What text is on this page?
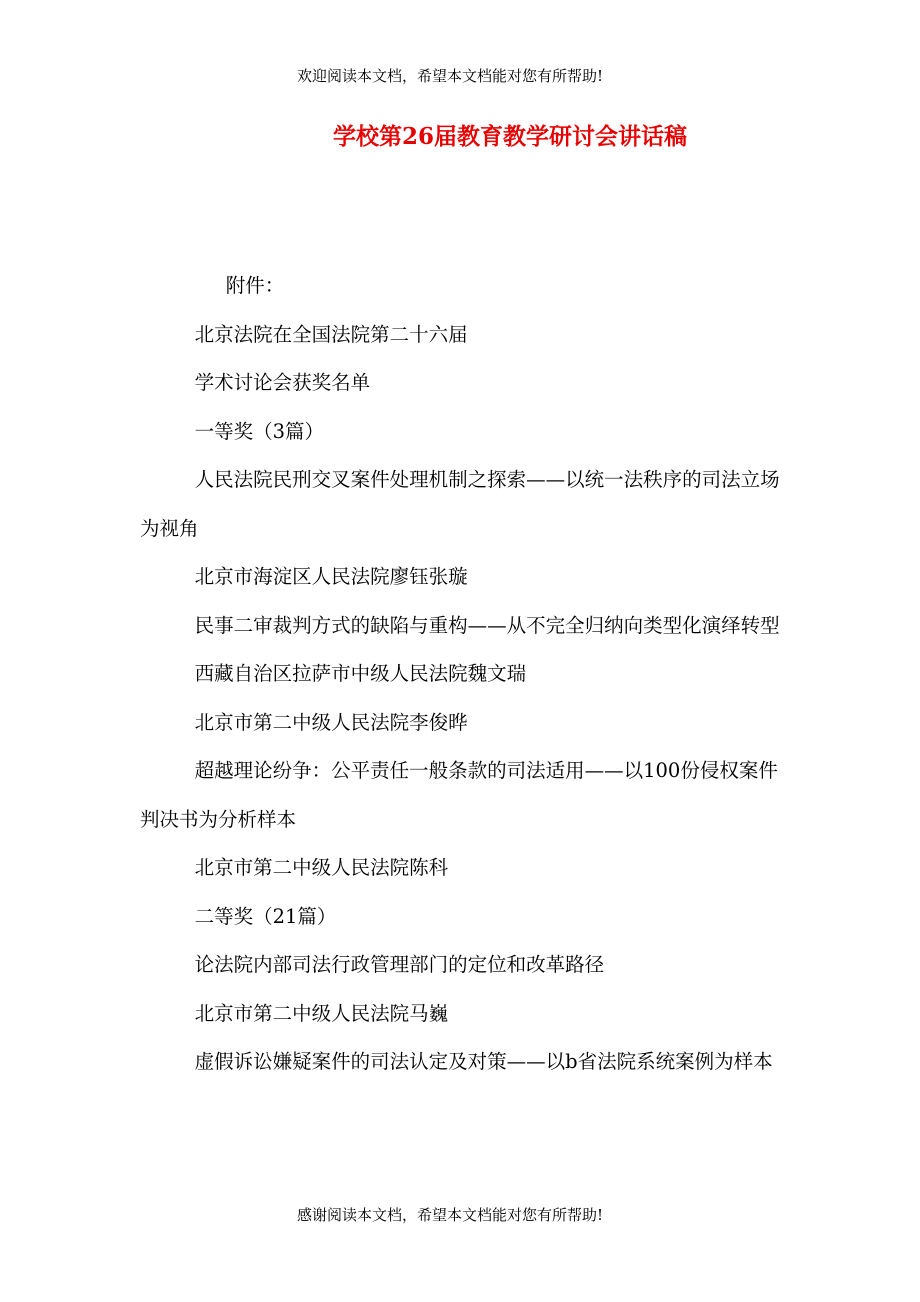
欢迎阅读本文档，希望本文档能对您有所帮助!
学校第26届教育教学研讨会讲话稿

附件：

北京法院在全国法院第二十六届

学术讨论会获奖名单

一等奖（3篇）

人民法院民刑交叉案件处理机制之探索——以统一法秩序的司法立场为视角

北京市海淀区人民法院廖钰张璇

民事二审裁判方式的缺陷与重构——从不完全归纳向类型化演绎转型

西藏自治区拉萨市中级人民法院魏文瑞

北京市第二中级人民法院李俊晔

超越理论纷争：公平责任一般条款的司法适用——以100份侵权案件判决书为分析样本

北京市第二中级人民法院陈科

二等奖（21篇）

论法院内部司法行政管理部门的定位和改革路径

北京市第二中级人民法院马巍

虚假诉讼嫌疑案件的司法认定及对策——以b省法院系统案例为样本

感谢阅读本文档，希望本文档能对您有所帮助!
